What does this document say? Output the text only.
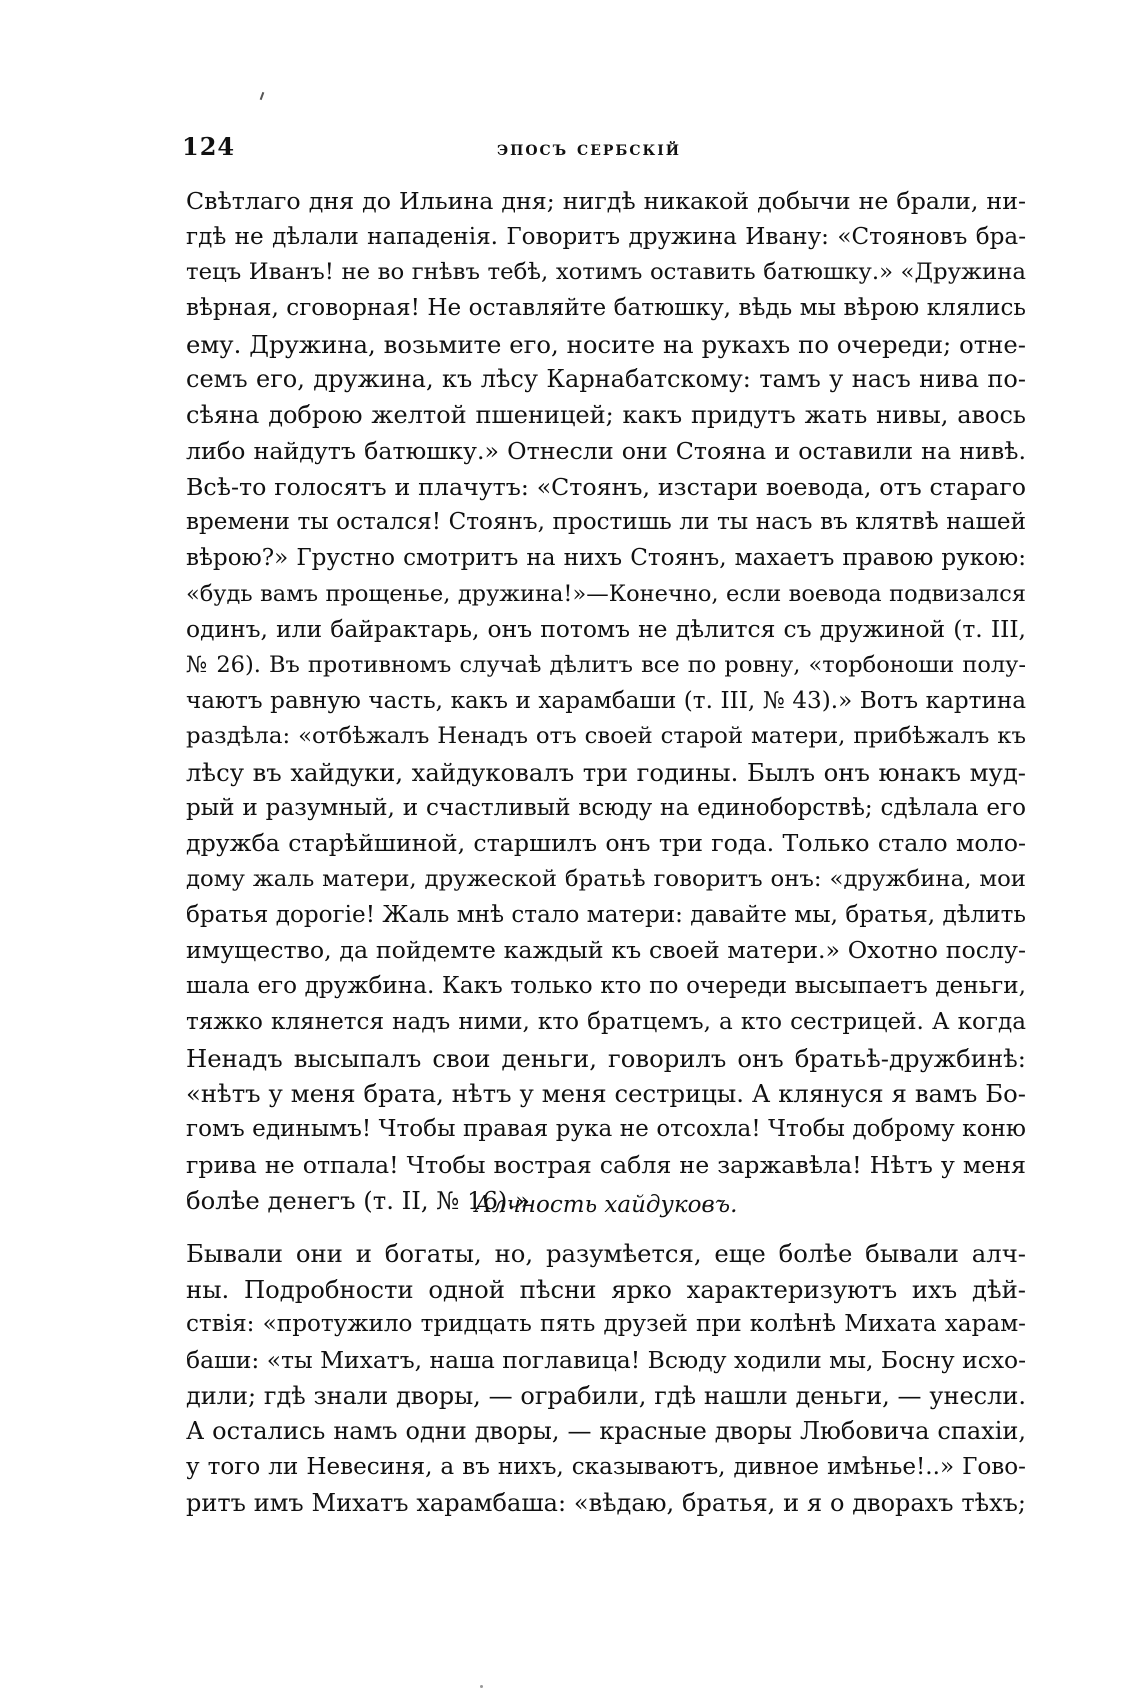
124	эпосъ сербскій
Свѣтлаго дня до Ильина дня; нигдѣ никакой добычи не брали, ни-
гдѣ не дѣлали нападенія. Говоритъ дружина Ивану: «Стояновъ бра-
тецъ Иванъ! не во гнѣвъ тебѣ, хотимъ оставить батюшку.» «Дружина
вѣрная, сговорная! Не оставляйте батюшку, вѣдь мы вѣрою клялись
ему. Дружина, возьмите его, носите на рукахъ по очереди; отне-
семъ его, дружина, къ лѣсу Карнабатскому: тамъ у насъ нива по-
сѣяна доброю желтой пшеницей; какъ придутъ жать нивы, авось
либо найдутъ батюшку.» Отнесли они Стояна и оставили на нивѣ.
Всѣ-то голосятъ и плачутъ: «Стоянъ, изстари воевода, отъ стараго
времени ты остался! Стоянъ, простишь ли ты насъ въ клятвѣ нашей
вѣрою?» Грустно смотритъ на нихъ Стоянъ, махаетъ правою рукою:
«будь вамъ прощенье, дружина!»—Конечно, если воевода подвизался
одинъ, или байрактарь, онъ потомъ не дѣлится съ дружиной (т. III,
№ 26). Въ противномъ случаѣ дѣлитъ все по ровну, «торбоноши полу-
чаютъ равную часть, какъ и харамбаши (т. III, № 43).» Вотъ картина
раздѣла: «отбѣжалъ Ненадъ отъ своей старой матери, прибѣжалъ къ
лѣсу въ хайдуки, хайдуковалъ три годины. Былъ онъ юнакъ муд-
рый и разумный, и счастливый всюду на единоборствѣ; сдѣлала его
дружба старѣйшиной, старшилъ онъ три года. Только стало моло-
дому жаль матери, дружеской братьѣ говоритъ онъ: «дружбина, мои
братья дорогіе! Жаль мнѣ стало матери: давайте мы, братья, дѣлить
имущество, да пойдемте каждый къ своей матери.» Охотно послу-
шала его дружбина. Какъ только кто по очереди высыпаетъ деньги,
тяжко клянется надъ ними, кто братцемъ, а кто сестрицей. А когда
Ненадъ высыпалъ свои деньги, говорилъ онъ братьѣ-дружбинѣ:
«нѣтъ у меня брата, нѣтъ у меня сестрицы. А клянуся я вамъ Бо-
гомъ единымъ! Чтобы правая рука не отсохла! Чтобы доброму коню
грива не отпала! Чтобы вострая сабля не заржавѣла! Нѣтъ у меня
болѣе денегъ (т. II, № 16).»
Алчность хайдуковъ.
Бывали они и богаты, но, разумѣется, еще болѣе бывали алч-
ны. Подробности одной пѣсни ярко характеризуютъ ихъ дѣй-
ствія: «протужило тридцать пять друзей при колѣнѣ Михата харам-
баши: «ты Михатъ, наша поглавица! Всюду ходили мы, Босну исхо-
дили; гдѣ знали дворы, — ограбили, гдѣ нашли деньги, — унесли.
А остались намъ одни дворы, — красные дворы Любовича спахіи,
у того ли Невесиня, а въ нихъ, сказываютъ, дивное имѣнье!..» Гово-
ритъ имъ Михатъ харамбаша: «вѣдаю, братья, и я о дворахъ тѣхъ;
